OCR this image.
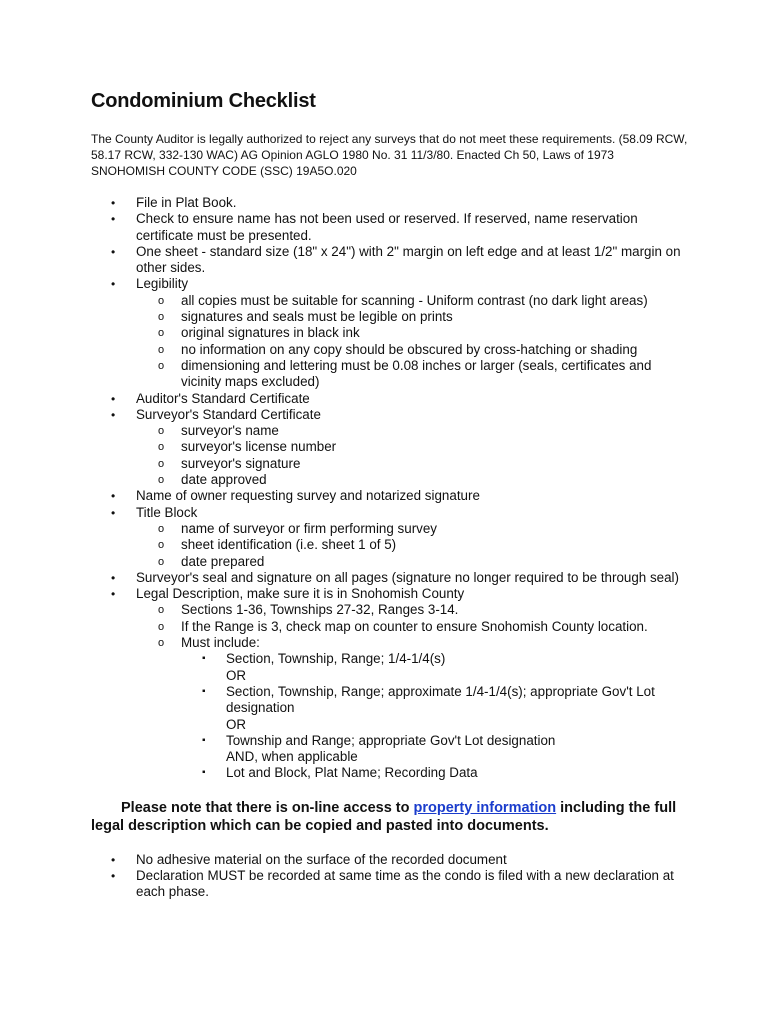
Condominium Checklist

The County Auditor is legally authorized to reject any surveys that do not meet these requirements. (58.09 RCW, 58.17 RCW, 332-130 WAC) AG Opinion AGLO 1980 No. 31 11/3/80. Enacted Ch 50, Laws of 1973 SNOHOMISH COUNTY CODE (SSC) 19A5O.020

• File in Plat Book.
• Check to ensure name has not been used or reserved. If reserved, name reservation certificate must be presented.
• One sheet - standard size (18" x 24") with 2" margin on left edge and at least 1/2" margin on other sides.
• Legibility
o all copies must be suitable for scanning - Uniform contrast (no dark light areas)
o signatures and seals must be legible on prints
o original signatures in black ink
o no information on any copy should be obscured by cross-hatching or shading
o dimensioning and lettering must be 0.08 inches or larger (seals, certificates and vicinity maps excluded)
• Auditor's Standard Certificate
• Surveyor's Standard Certificate
o surveyor's name
o surveyor's license number
o surveyor's signature
o date approved
• Name of owner requesting survey and notarized signature
• Title Block
o name of surveyor or firm performing survey
o sheet identification (i.e. sheet 1 of 5)
o date prepared
• Surveyor's seal and signature on all pages (signature no longer required to be through seal)
• Legal Description, make sure it is in Snohomish County
o Sections 1-36, Townships 27-32, Ranges 3-14.
o If the Range is 3, check map on counter to ensure Snohomish County location.
o Must include:
▪ Section, Township, Range; 1/4-1/4(s)
OR
▪ Section, Township, Range; approximate 1/4-1/4(s); appropriate Gov't Lot designation
OR
▪ Township and Range; appropriate Gov't Lot designation
AND, when applicable
▪ Lot and Block, Plat Name; Recording Data

Please note that there is on-line access to property information including the full legal description which can be copied and pasted into documents.

• No adhesive material on the surface of the recorded document
• Declaration MUST be recorded at same time as the condo is filed with a new declaration at each phase.
